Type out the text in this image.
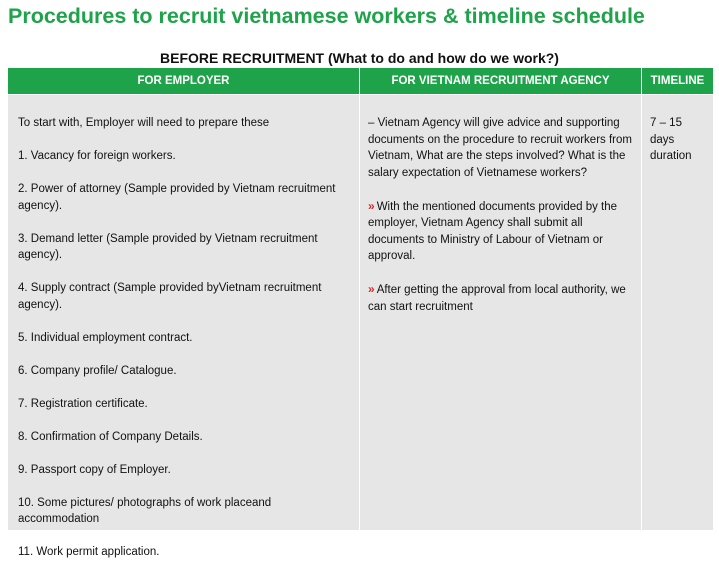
Procedures to recruit vietnamese workers & timeline schedule
BEFORE RECRUITMENT (What to do and how do we work?)
FOR EMPLOYER	FOR VIETNAM RECRUITMENT AGENCY	TIMELINE

To start with, Employer will need to prepare these

1. Vacancy for foreign workers.

2. Power of attorney (Sample provided by Vietnam recruitment agency).

3. Demand letter (Sample provided by Vietnam recruitment agency).

4. Supply contract (Sample provided byVietnam recruitment agency).

5. Individual employment contract.

6. Company profile/ Catalogue.

7. Registration certificate.

8. Confirmation of Company Details.

9. Passport copy of Employer.

10. Some pictures/ photographs of work placeand accommodation

11. Work permit application.

– Vietnam Agency will give advice and supporting documents on the procedure to recruit workers from Vietnam, What are the steps involved? What is the salary expectation of Vietnamese workers?

» With the mentioned documents provided by the employer, Vietnam Agency shall submit all documents to Ministry of Labour of Vietnam or approval.

» After getting the approval from local authority, we can start recruitment

7 – 15 days duration
